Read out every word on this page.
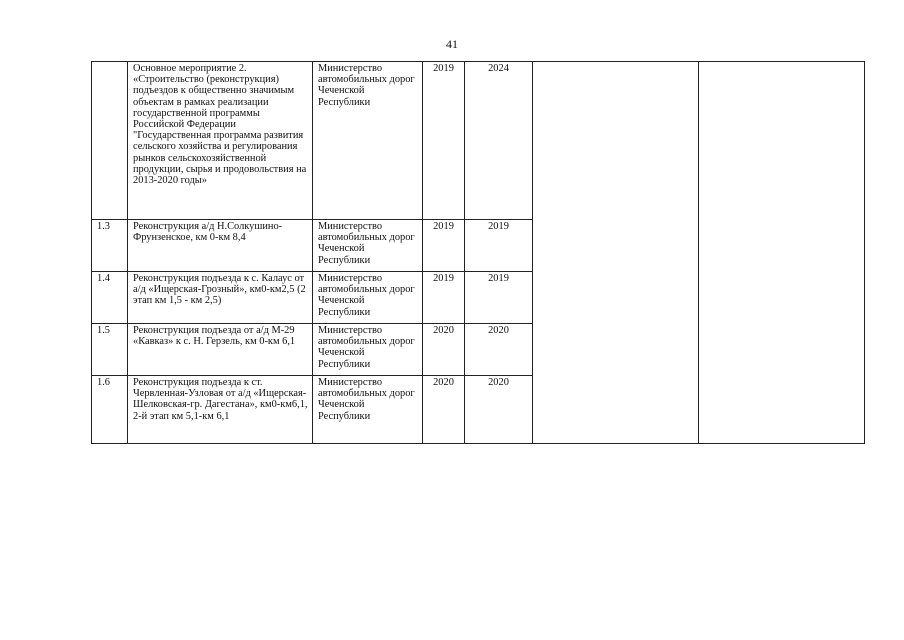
41
	Основное мероприятие 2. «Строительство (реконструкция) подъездов к общественно значимым объектам в рамках реализации государственной программы Российской Федерации "Государственная программа развития сельского хозяйства и регулирования рынков сельскохозяйственной продукции, сырья и продовольствия на 2013-2020 годы»	Министерство автомобильных дорог Чеченской Республики	2019	2024		
1.3	Реконструкция а/д Н.Солкушино-Фрунзенское, км 0-км 8,4	Министерство автомобильных дорог Чеченской Республики	2019	2019		
1.4	Реконструкция подъезда к с. Калаус от а/д «Ищерская-Грозный», км0-км2,5 (2 этап км 1,5 - км 2,5)	Министерство автомобильных дорог Чеченской Республики	2019	2019		
1.5	Реконструкция подъезда от а/д М-29 «Кавказ» к с. Н. Герзель, км 0-км 6,1	Министерство автомобильных дорог Чеченской Республики	2020	2020		
1.6	Реконструкция подъезда к ст. Червленная-Узловая от а/д «Ищерская-Шелковская-гр. Дагестана», км0-км6,1, 2-й этап км 5,1-км 6,1	Министерство автомобильных дорог Чеченской Республики	2020	2020		
